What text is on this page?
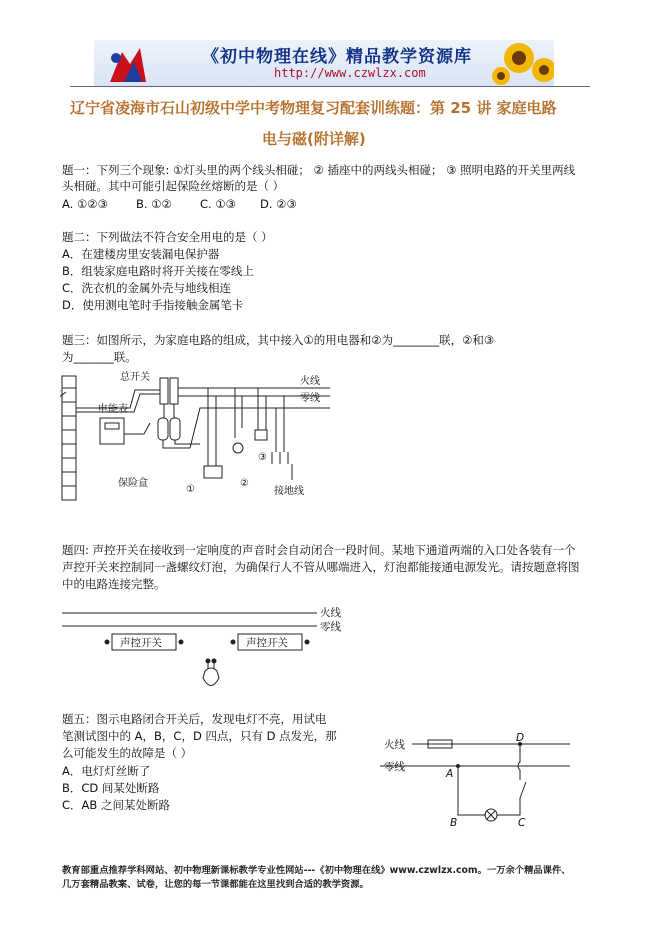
《初中物理在线》精品教学资源库
http://www.czwlzx.com
辽宁省凌海市石山初级中学中考物理复习配套训练题：第 25 讲 家庭电路
电与磁(附详解)
题一：下列三个现象: ①灯头里的两个线头相碰； ② 插座中的两线头相碰； ③ 照明电路的开关里两线
头相碰。其中可能引起保险丝熔断的是（ ）
A. ①②③ B. ①② C. ①③ D. ②③
题二：下列做法不符合安全用电的是（ ）
A．在建楼房里安装漏电保护器
B．组装家庭电路时将开关接在零线上
C．洗衣机的金属外壳与地线相连
D．使用测电笔时手指接触金属笔卡
题三：如图所示，为家庭电路的组成，其中接入①的用电器和②为________联，②和③
为_______联。
总开关
电能表
保险盒
火线
零线
接地线
①
②
③
题四: 声控开关在接收到一定响度的声音时会自动闭合一段时间。某地下通道两端的入口处各装有一个
声控开关来控制同一盏螺纹灯泡，为确保行人不管从哪端进入，灯泡都能接通电源发光。请按题意将图
中的电路连接完整。
火线
零线
声控开关	声控开关
题五：图示电路闭合开关后，发现电灯不亮，用试电
笔测试图中的 A，B，C，D 四点，只有 D 点发光，那
么可能发生的故障是（ ）
A．电灯灯丝断了
B．CD 间某处断路
C．AB 之间某处断路
火线
零线
A
B	C
D
教育部重点推荐学科网站、初中物理新课标教学专业性网站---《初中物理在线》www.czwlzx.com。一万余个精品课件、
几万套精品教案、试卷，让您的每一节课都能在这里找到合适的教学资源。
